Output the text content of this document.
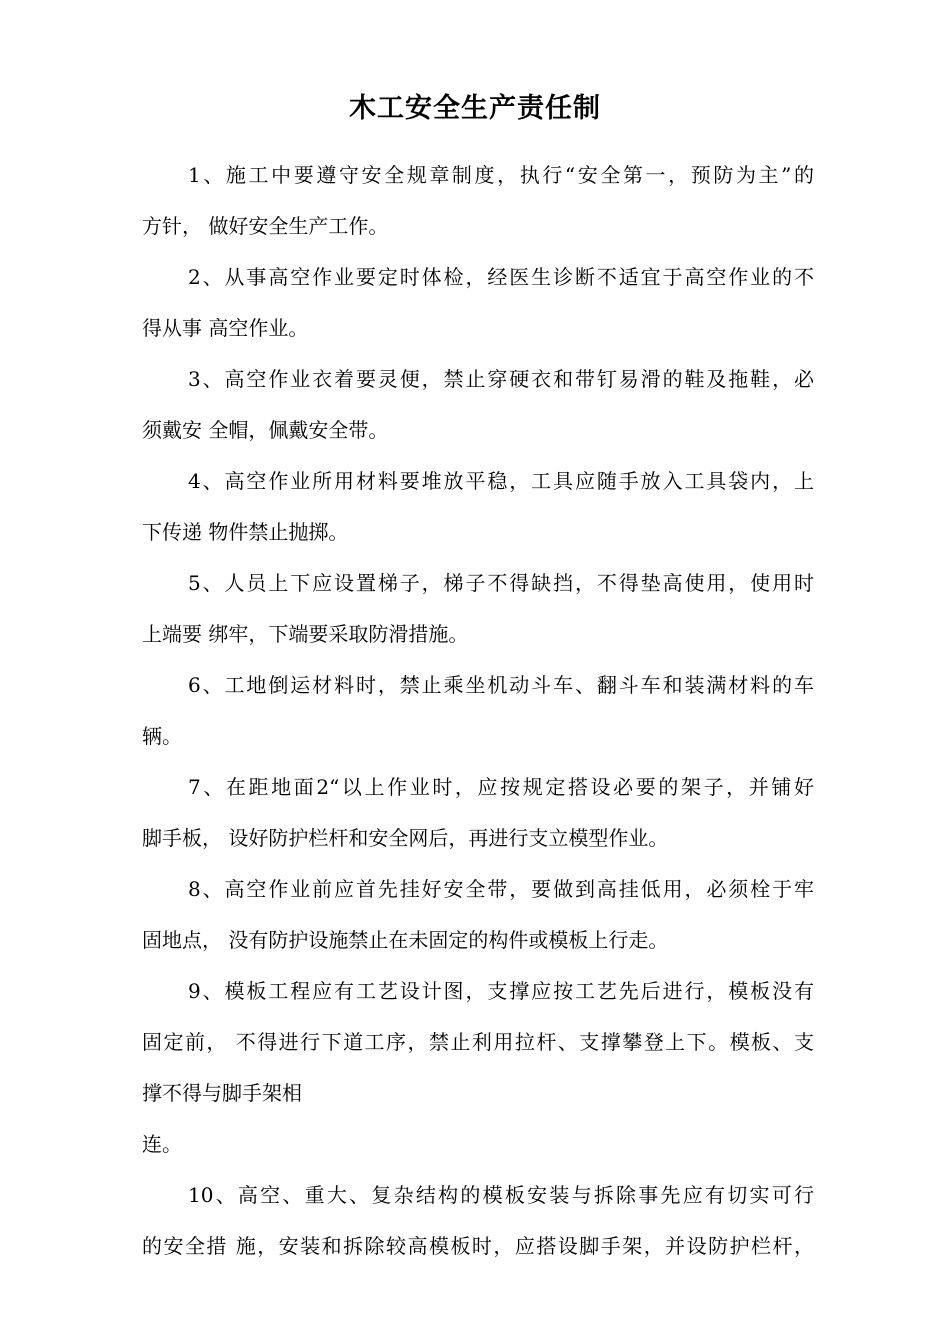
木工安全生产责任制
1、施工中要遵守安全规章制度，执行“安全第一，预防为主”的
方针， 做好安全生产工作。
2、从事高空作业要定时体检，经医生诊断不适宜于高空作业的不
得从事 高空作业。
3、高空作业衣着要灵便，禁止穿硬衣和带钉易滑的鞋及拖鞋，必
须戴安 全帽，佩戴安全带。
4、高空作业所用材料要堆放平稳，工具应随手放入工具袋内，上
下传递 物件禁止抛掷。
5、人员上下应设置梯子，梯子不得缺挡，不得垫高使用，使用时
上端要 绑牢，下端要采取防滑措施。
6、工地倒运材料时，禁止乘坐机动斗车、翻斗车和装满材料的车
辆。
7、在距地面2“以上作业时，应按规定搭设必要的架子，并铺好
脚手板， 设好防护栏杆和安全网后，再进行支立模型作业。
8、高空作业前应首先挂好安全带，要做到高挂低用，必须栓于牢
固地点， 没有防护设施禁止在未固定的构件或模板上行走。
9、模板工程应有工艺设计图，支撑应按工艺先后进行，模板没有
固定前， 不得进行下道工序，禁止利用拉杆、支撑攀登上下。模板、支
撑不得与脚手架相
连。
10、高空、重大、复杂结构的模板安装与拆除事先应有切实可行
的安全措 施，安装和拆除较高模板时，应搭设脚手架，并设防护栏杆，
